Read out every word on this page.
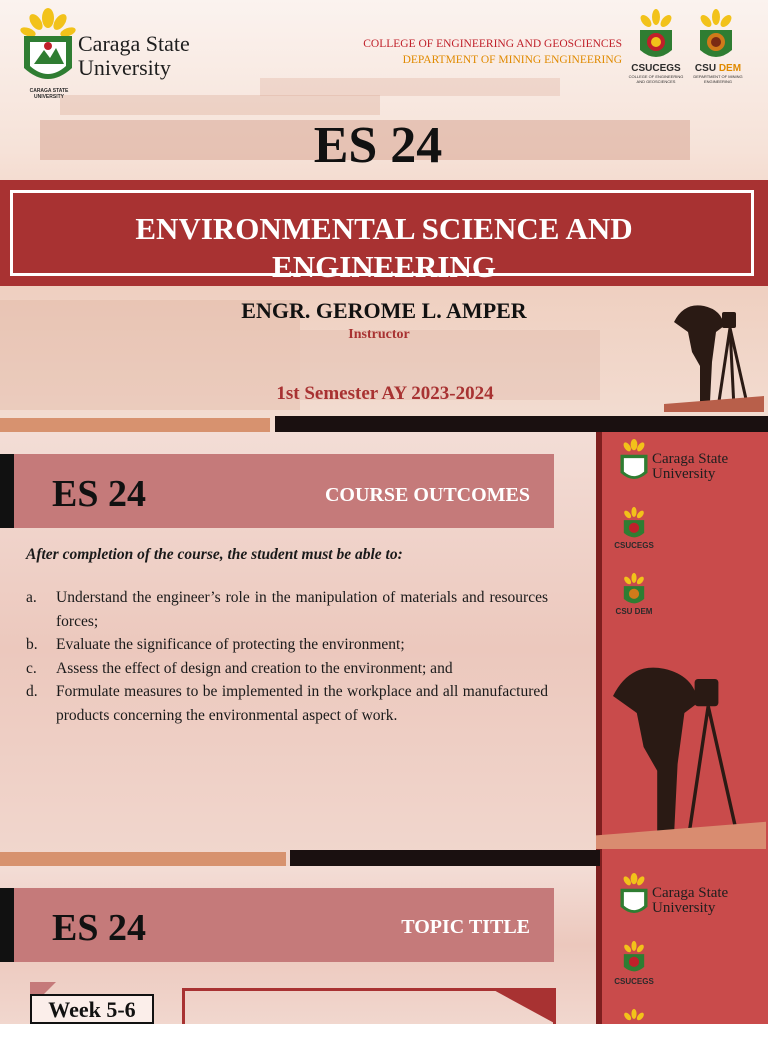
CARAGA STATE UNIVERSITY
Caraga State
University
COLLEGE OF ENGINEERING AND GEOSCIENCES
DEPARTMENT OF MINING ENGINEERING
CSUCEGS
COLLEGE OF ENGINEERING AND GEOSCIENCES
CSU DEM
DEPARTMENT OF MINING ENGINEERING
ES 24
ENVIRONMENTAL SCIENCE AND ENGINEERING
ENGR. GEROME L. AMPER
Instructor
1st Semester AY 2023-2024
Caraga State
University
CSUCEGS
CSU DEM
ES 24	COURSE OUTCOMES
After completion of the course, the student must be able to:
a. Understand the engineer’s role in the manipulation of materials and resources forces;
b. Evaluate the significance of protecting the environment;
c. Assess the effect of design and creation to the environment; and
d. Formulate measures to be implemented in the workplace and all manufactured products concerning the environmental aspect of work.
Caraga State
University
CSUCEGS
ES 24	TOPIC TITLE
Week 5-6
